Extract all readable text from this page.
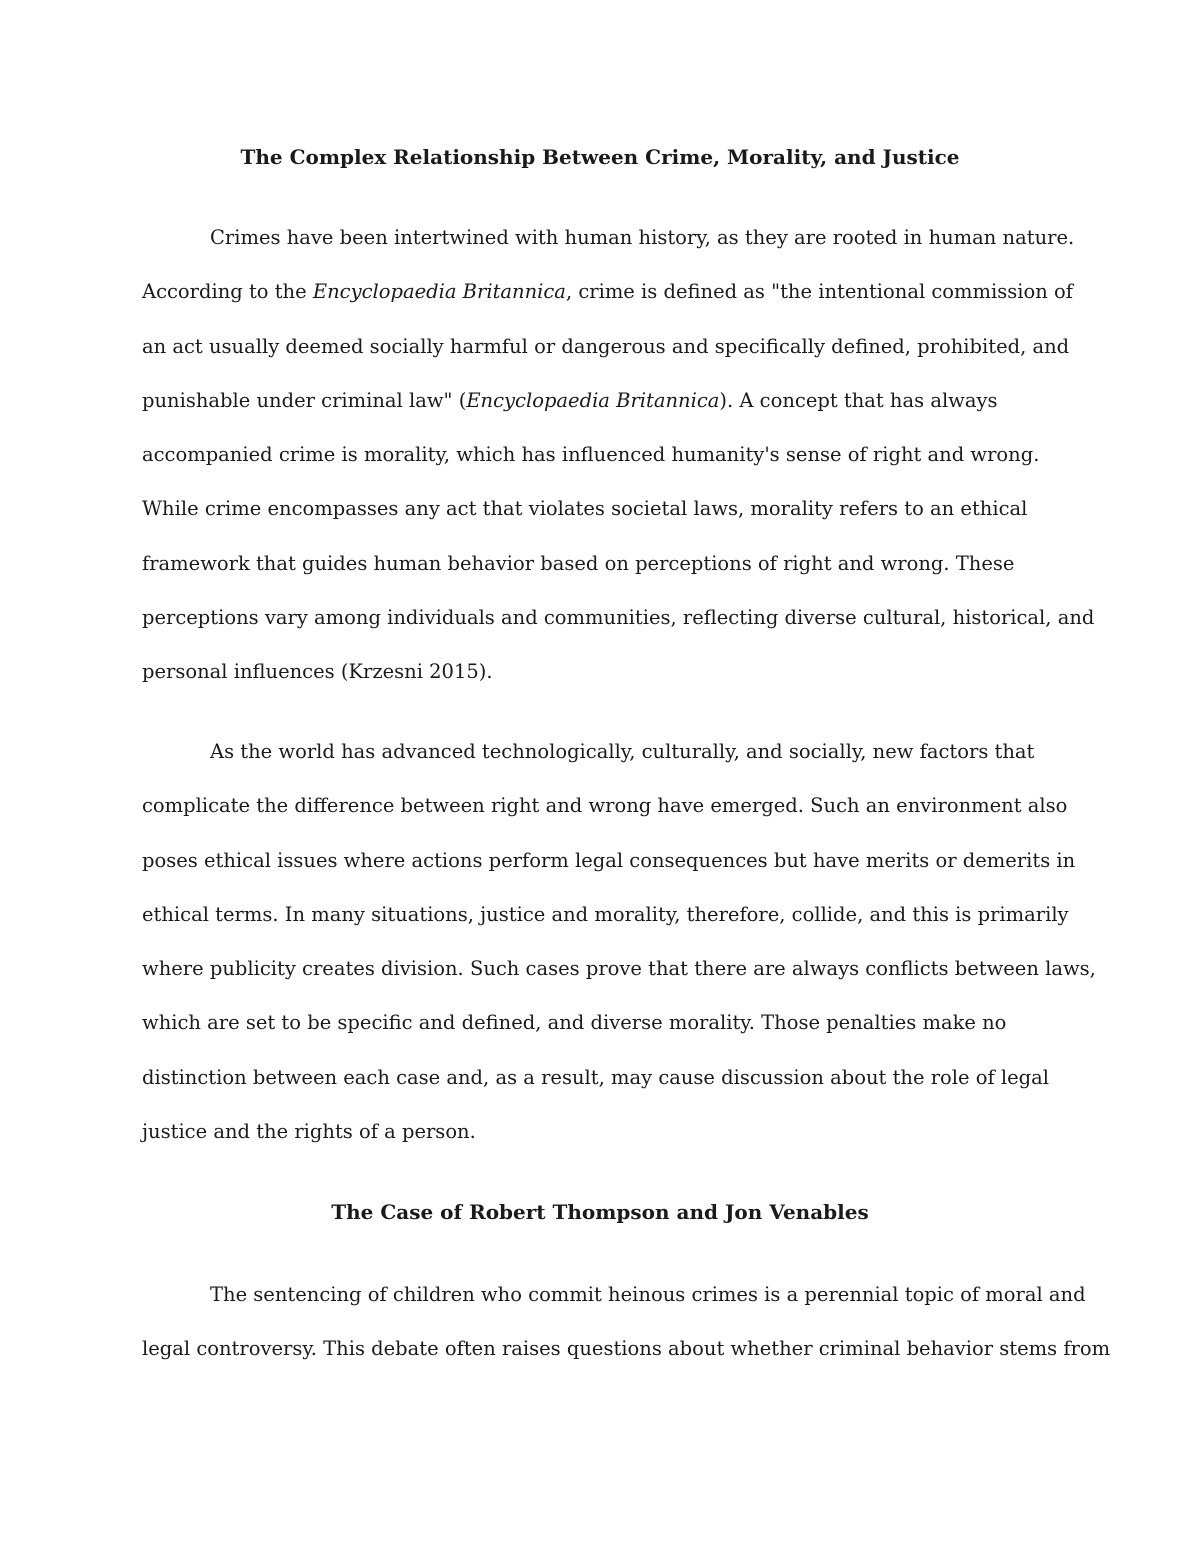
The Complex Relationship Between Crime, Morality, and Justice

Crimes have been intertwined with human history, as they are rooted in human nature.
According to the Encyclopaedia Britannica, crime is defined as "the intentional commission of
an act usually deemed socially harmful or dangerous and specifically defined, prohibited, and
punishable under criminal law" (Encyclopaedia Britannica). A concept that has always
accompanied crime is morality, which has influenced humanity's sense of right and wrong.
While crime encompasses any act that violates societal laws, morality refers to an ethical
framework that guides human behavior based on perceptions of right and wrong. These
perceptions vary among individuals and communities, reflecting diverse cultural, historical, and
personal influences (Krzesni 2015).

As the world has advanced technologically, culturally, and socially, new factors that
complicate the difference between right and wrong have emerged. Such an environment also
poses ethical issues where actions perform legal consequences but have merits or demerits in
ethical terms. In many situations, justice and morality, therefore, collide, and this is primarily
where publicity creates division. Such cases prove that there are always conflicts between laws,
which are set to be specific and defined, and diverse morality. Those penalties make no
distinction between each case and, as a result, may cause discussion about the role of legal
justice and the rights of a person.

The Case of Robert Thompson and Jon Venables

The sentencing of children who commit heinous crimes is a perennial topic of moral and
legal controversy. This debate often raises questions about whether criminal behavior stems from
